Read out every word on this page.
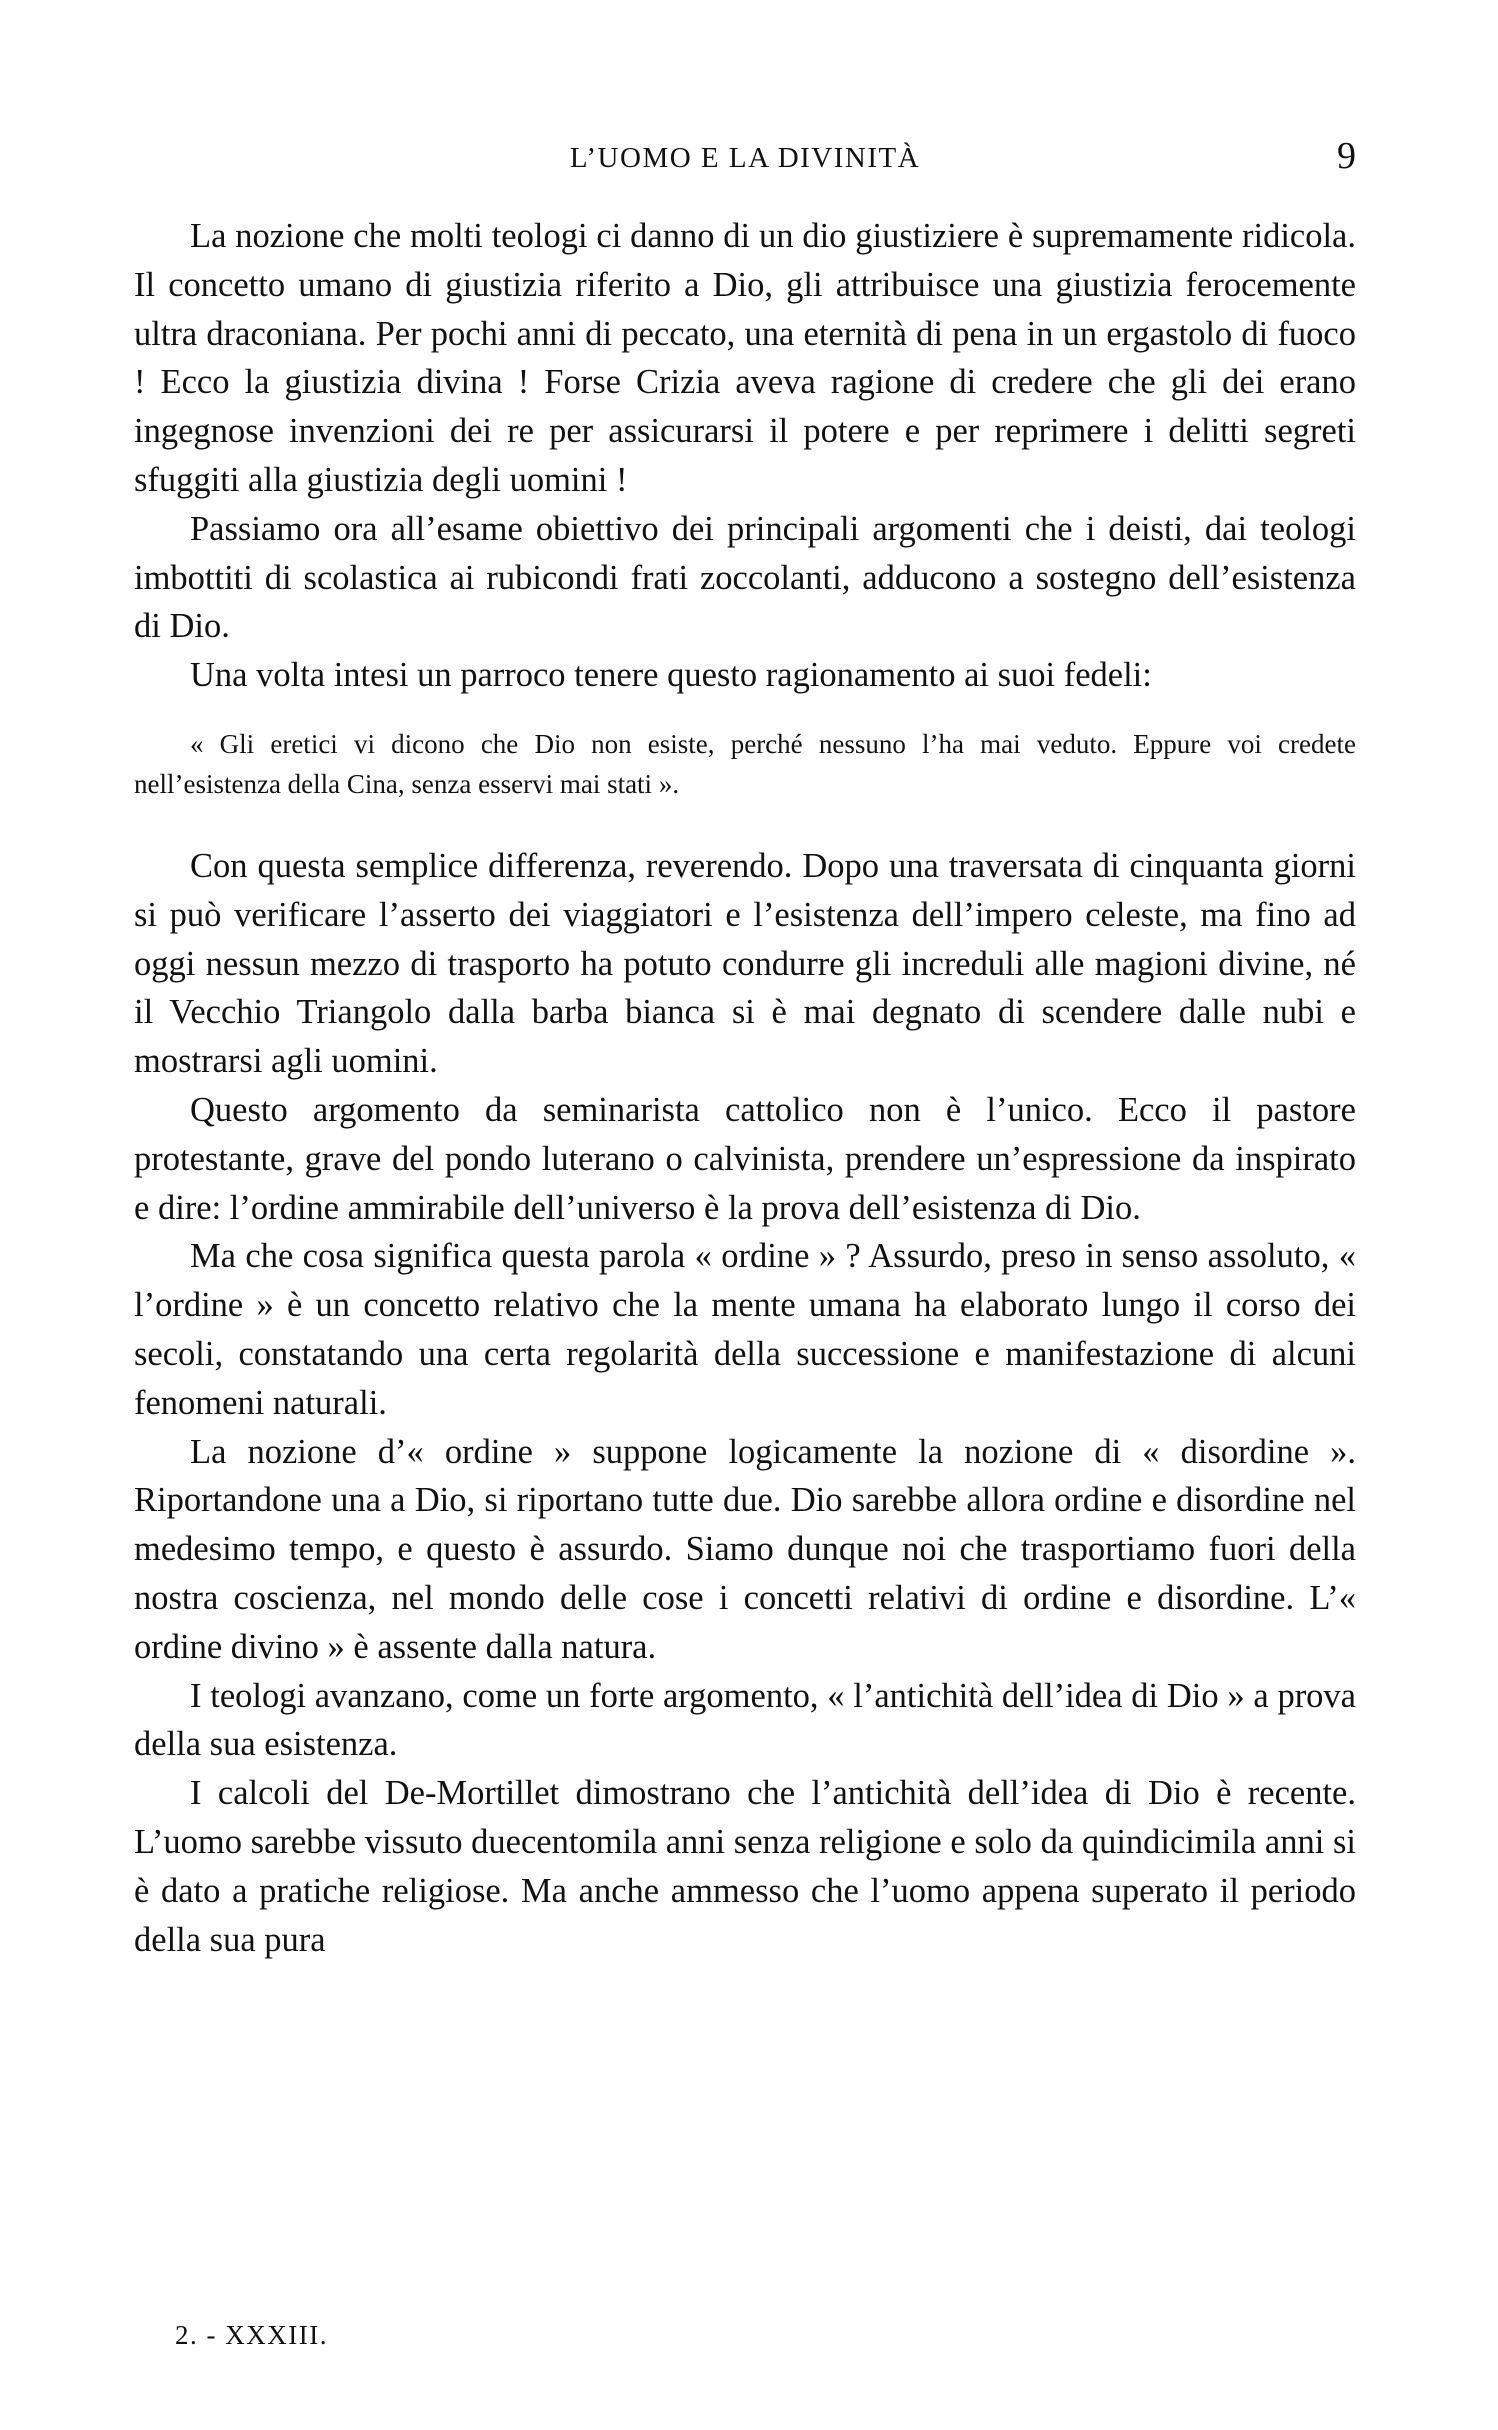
L’UOMO E LA DIVINITÀ	9

La nozione che molti teologi ci danno di un dio giustiziere è supremamente ridicola. Il concetto umano di giustizia riferito a Dio, gli attribuisce una giustizia ferocemente ultra draconiana. Per pochi anni di peccato, una eternità di pena in un ergastolo di fuoco ! Ecco la giustizia divina ! Forse Crizia aveva ragione di credere che gli dei erano ingegnose invenzioni dei re per assicurarsi il potere e per reprimere i delitti segreti sfuggiti alla giustizia degli uomini !

Passiamo ora all’esame obiettivo dei principali argomenti che i deisti, dai teologi imbottiti di scolastica ai rubicondi frati zoccolanti, adducono a sostegno dell’esistenza di Dio.

Una volta intesi un parroco tenere questo ragionamento ai suoi fedeli:

« Gli eretici vi dicono che Dio non esiste, perché nessuno l’ha mai veduto. Eppure voi credete nell’esistenza della Cina, senza esservi mai stati ».

Con questa semplice differenza, reverendo. Dopo una traversata di cinquanta giorni si può verificare l’asserto dei viaggiatori e l’esistenza dell’impero celeste, ma fino ad oggi nessun mezzo di trasporto ha potuto condurre gli increduli alle magioni divine, né il Vecchio Triangolo dalla barba bianca si è mai degnato di scendere dalle nubi e mostrarsi agli uomini.

Questo argomento da seminarista cattolico non è l’unico. Ecco il pastore protestante, grave del pondo luterano o calvinista, prendere un’espressione da inspirato e dire: l’ordine ammirabile dell’universo è la prova dell’esistenza di Dio.

Ma che cosa significa questa parola « ordine » ? Assurdo, preso in senso assoluto, « l’ordine » è un concetto relativo che la mente umana ha elaborato lungo il corso dei secoli, constatando una certa regolarità della successione e manifestazione di alcuni fenomeni naturali.

La nozione d’« ordine » suppone logicamente la nozione di « disordine ». Riportandone una a Dio, si riportano tutte due. Dio sarebbe allora ordine e disordine nel medesimo tempo, e questo è assurdo. Siamo dunque noi che trasportiamo fuori della nostra coscienza, nel mondo delle cose i concetti relativi di ordine e disordine. L’« ordine divino » è assente dalla natura.

I teologi avanzano, come un forte argomento, « l’antichità dell’idea di Dio » a prova della sua esistenza.

I calcoli del De-Mortillet dimostrano che l’antichità dell’idea di Dio è recente. L’uomo sarebbe vissuto duecentomila anni senza religione e solo da quindicimila anni si è dato a pratiche religiose. Ma anche ammesso che l’uomo appena superato il periodo della sua pura

2. - XXXIII.
